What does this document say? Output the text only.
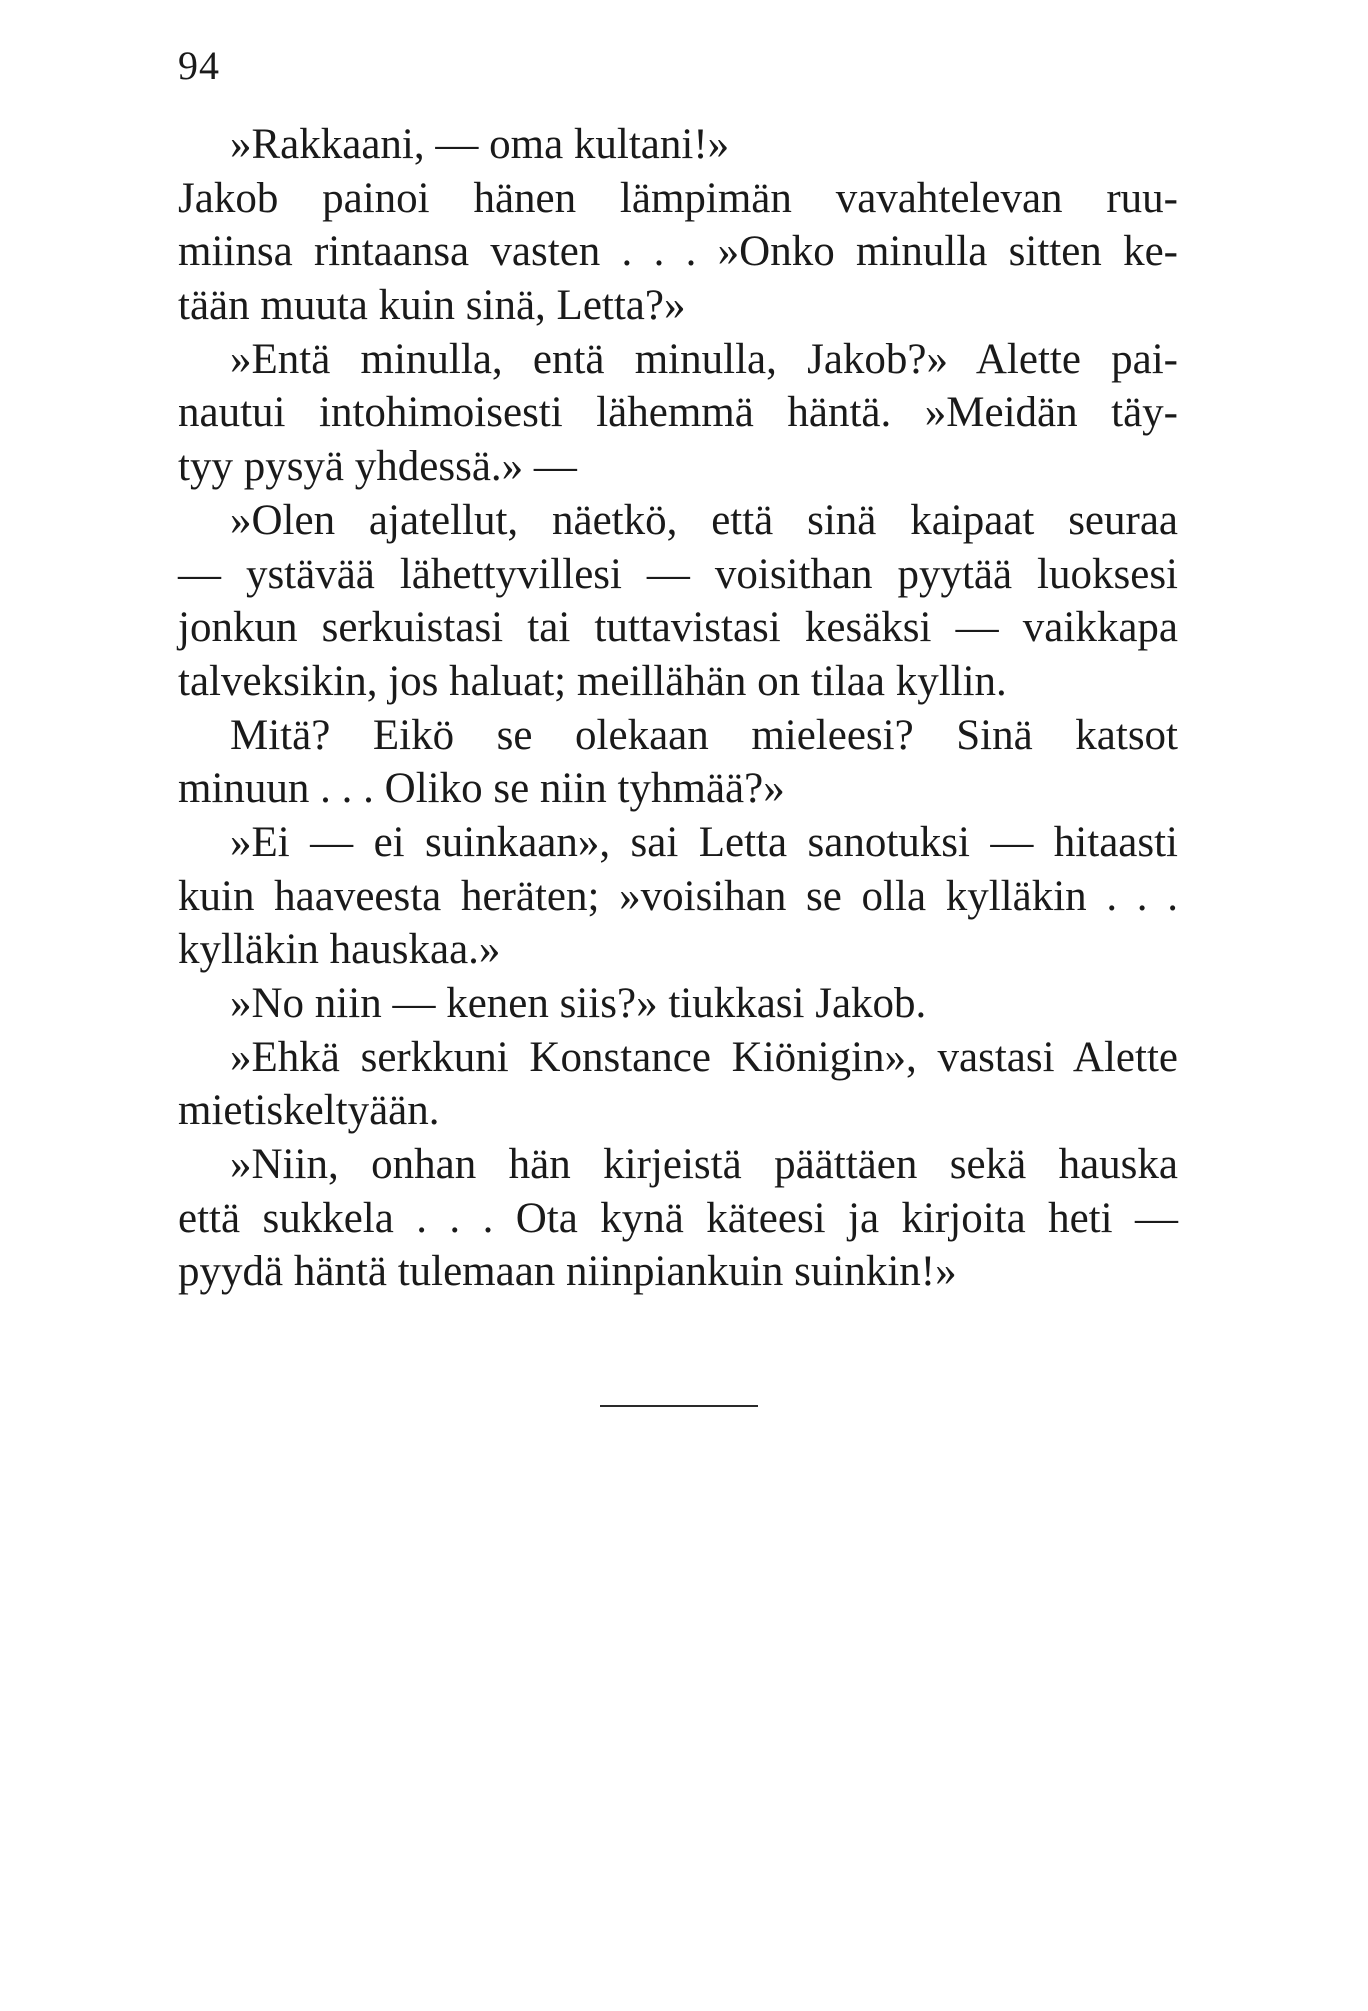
94
»Rakkaani, — oma kultani!»
Jakob painoi hänen lämpimän vavahtelevan ruu-
miinsa rintaansa vasten . . . »Onko minulla sitten ke-
tään muuta kuin sinä, Letta?»
»Entä minulla, entä minulla, Jakob?» Alette pai-
nautui intohimoisesti lähemmä häntä. »Meidän täy-
tyy pysyä yhdessä.» —
»Olen ajatellut, näetkö, että sinä kaipaat seuraa
— ystävää lähettyvillesi — voisithan pyytää luoksesi
jonkun serkuistasi tai tuttavistasi kesäksi — vaikkapa
talveksikin, jos haluat; meillähän on tilaa kyllin.
Mitä? Eikö se olekaan mieleesi? Sinä katsot
minuun . . . Oliko se niin tyhmää?»
»Ei — ei suinkaan», sai Letta sanotuksi — hitaasti
kuin haaveesta heräten; »voisihan se olla kylläkin . . .
kylläkin hauskaa.»
»No niin — kenen siis?» tiukkasi Jakob.
»Ehkä serkkuni Konstance Kiönigin», vastasi Alette
mietiskeltyään.
»Niin, onhan hän kirjeistä päättäen sekä hauska
että sukkela . . . Ota kynä käteesi ja kirjoita heti —
pyydä häntä tulemaan niinpiankuin suinkin!»
